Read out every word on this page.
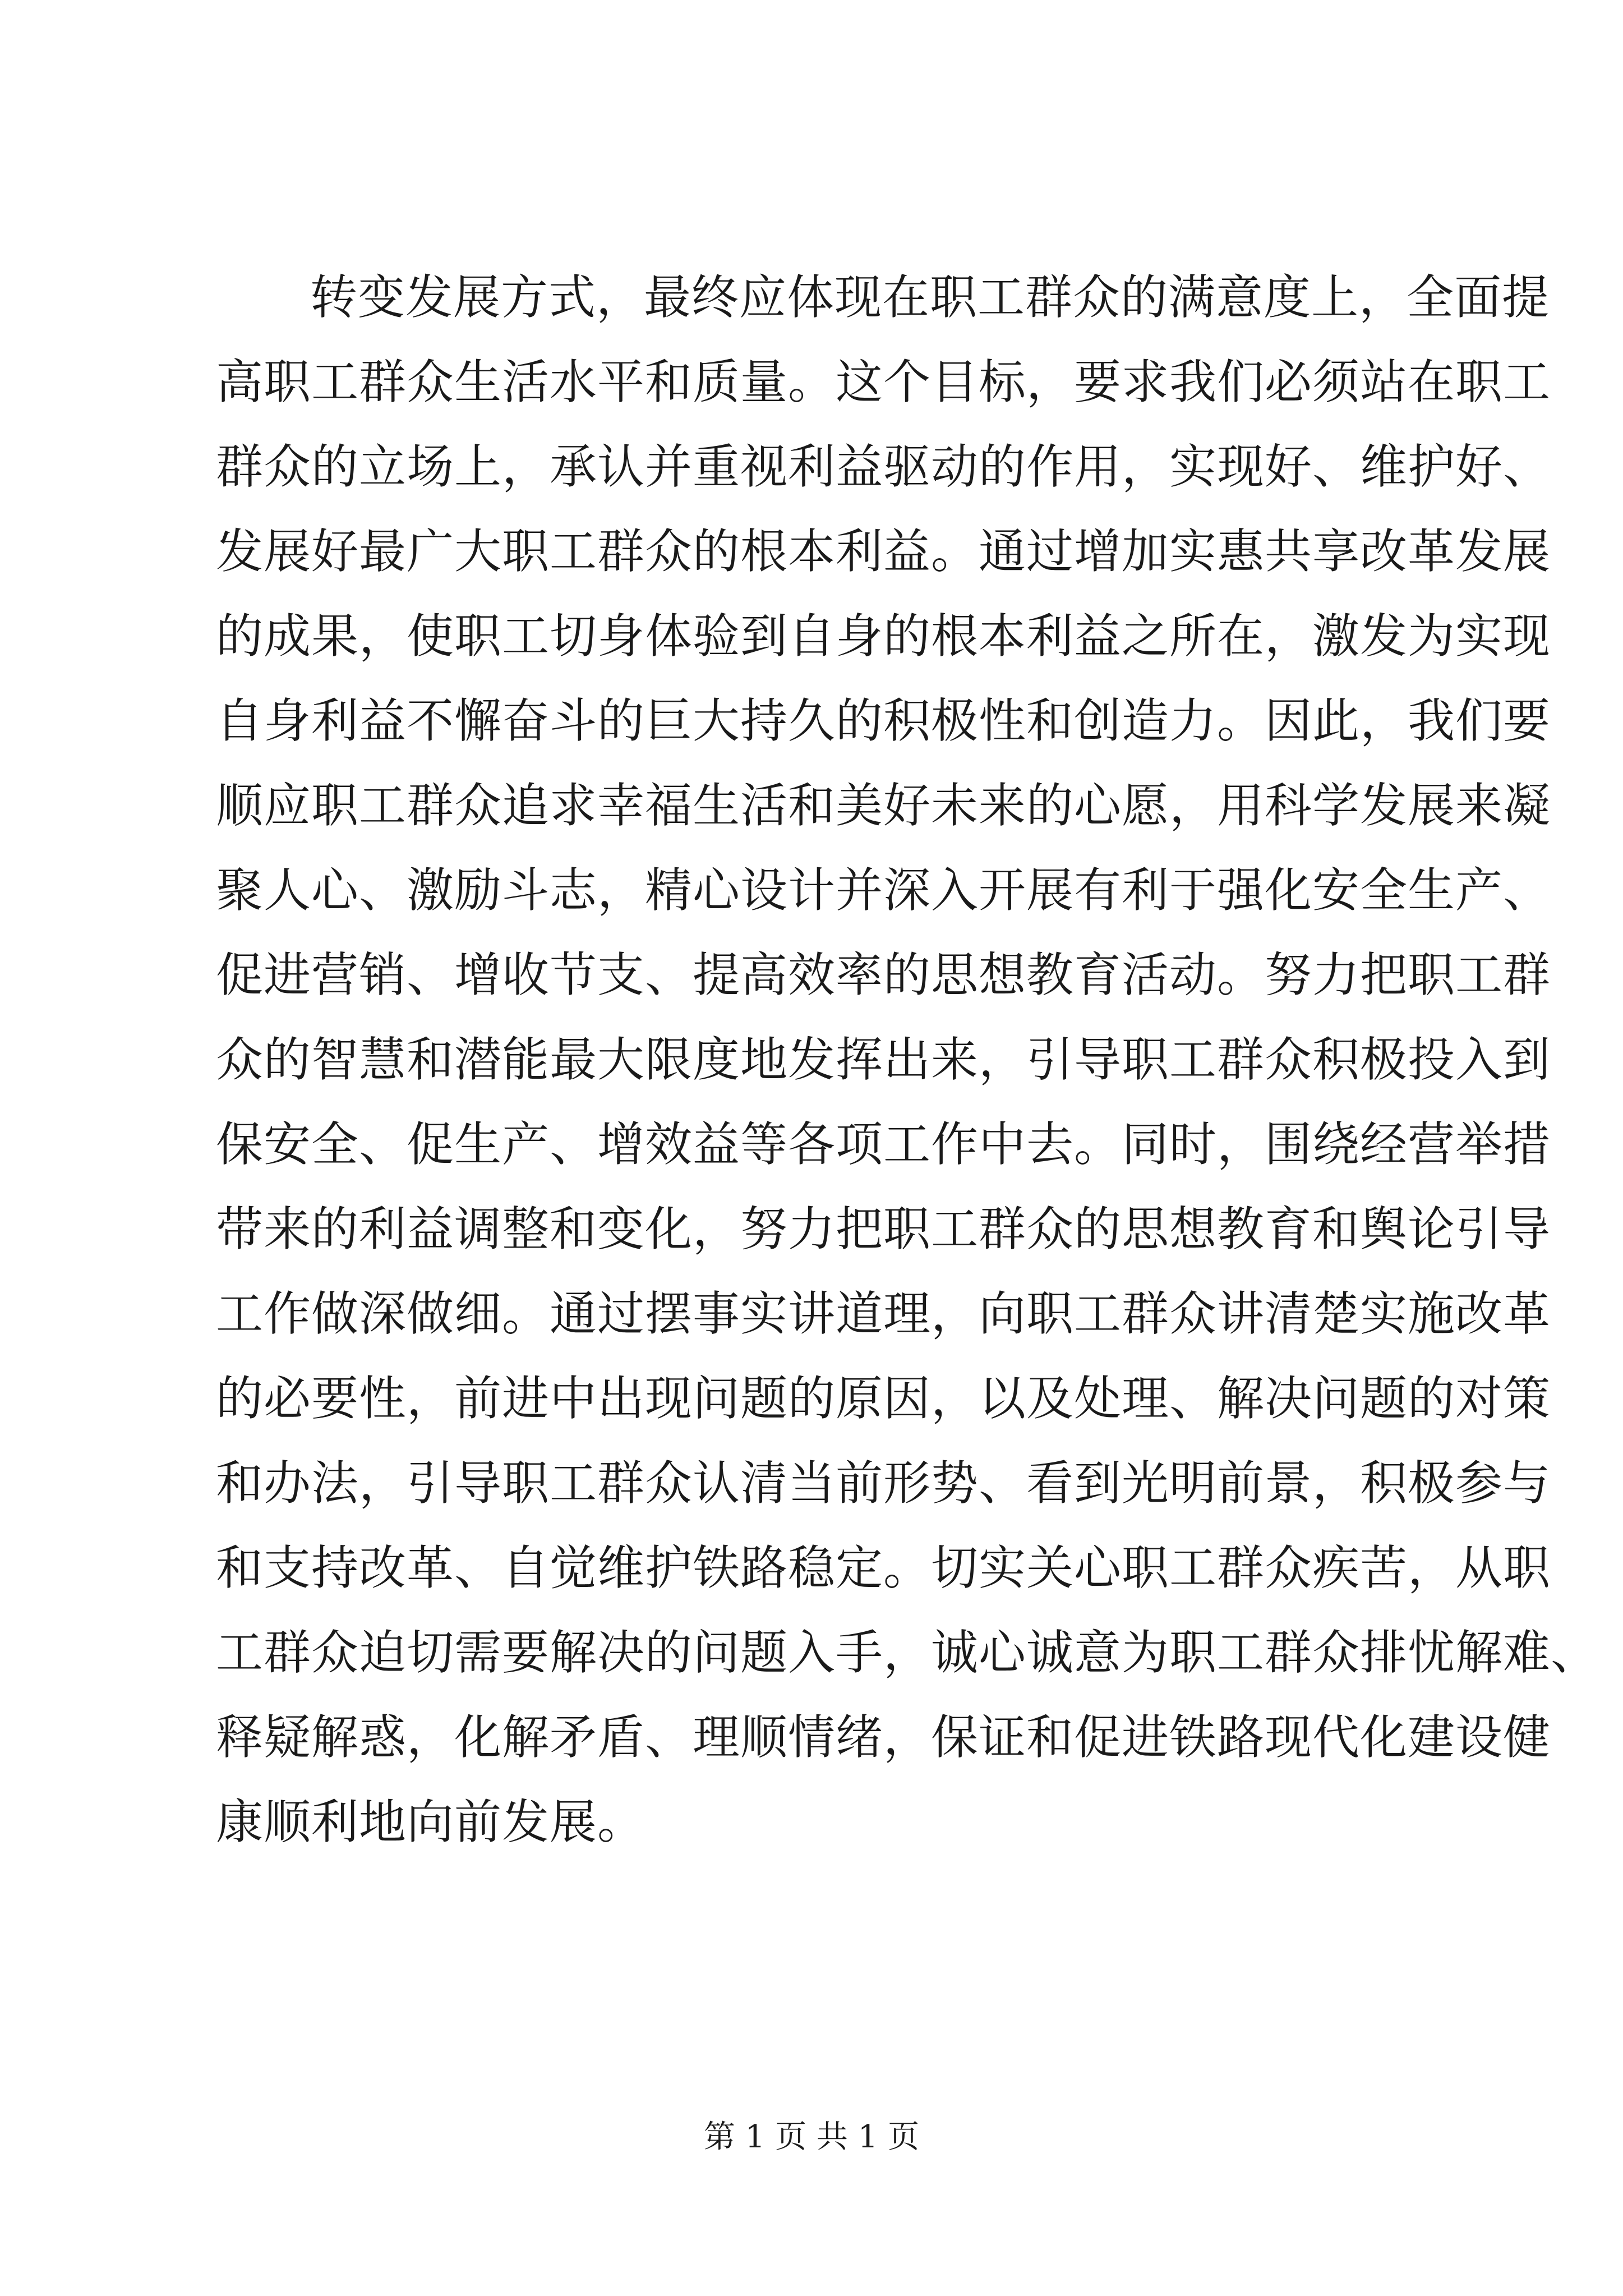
转变发展方式，最终应体现在职工群众的满意度上，全面提
高职工群众生活水平和质量。这个目标，要求我们必须站在职工
群众的立场上，承认并重视利益驱动的作用，实现好、维护好、
发展好最广大职工群众的根本利益。通过增加实惠共享改革发展
的成果，使职工切身体验到自身的根本利益之所在，激发为实现
自身利益不懈奋斗的巨大持久的积极性和创造力。因此，我们要
顺应职工群众追求幸福生活和美好未来的心愿，用科学发展来凝
聚人心、激励斗志，精心设计并深入开展有利于强化安全生产、
促进营销、增收节支、提高效率的思想教育活动。努力把职工群
众的智慧和潜能最大限度地发挥出来，引导职工群众积极投入到
保安全、促生产、增效益等各项工作中去。同时，围绕经营举措
带来的利益调整和变化，努力把职工群众的思想教育和舆论引导
工作做深做细。通过摆事实讲道理，向职工群众讲清楚实施改革
的必要性，前进中出现问题的原因，以及处理、解决问题的对策
和办法，引导职工群众认清当前形势、看到光明前景，积极参与
和支持改革、自觉维护铁路稳定。切实关心职工群众疾苦，从职
工群众迫切需要解决的问题入手，诚心诚意为职工群众排忧解难、
释疑解惑，化解矛盾、理顺情绪，保证和促进铁路现代化建设健
康顺利地向前发展。
第 1 页 共 1 页
